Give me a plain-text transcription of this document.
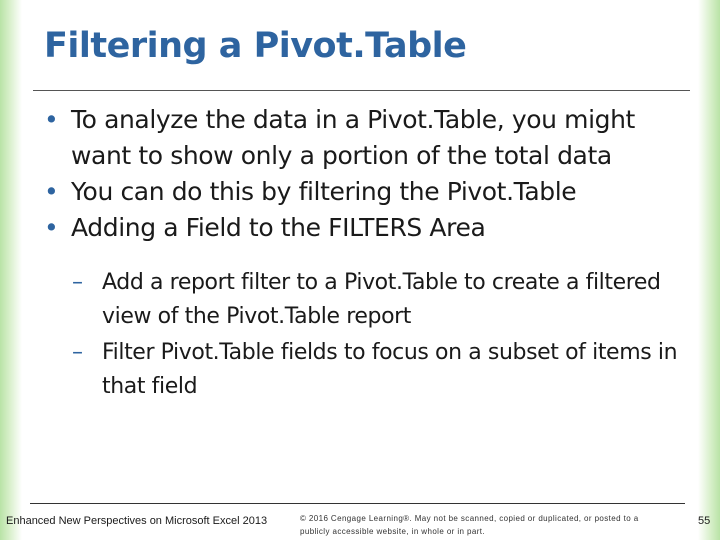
Filtering a Pivot.Table
• To analyze the data in a Pivot.Table, you might want to show only a portion of the total data
• You can do this by filtering the Pivot.Table
• Adding a Field to the FILTERS Area
– Add a report filter to a Pivot.Table to create a filtered view of the Pivot.Table report
– Filter Pivot.Table fields to focus on a subset of items in that field
Enhanced New Perspectives on Microsoft Excel 2013	© 2016 Cengage Learning®. May not be scanned, copied or duplicated, or posted to a publicly accessible website, in whole or in part.
55
